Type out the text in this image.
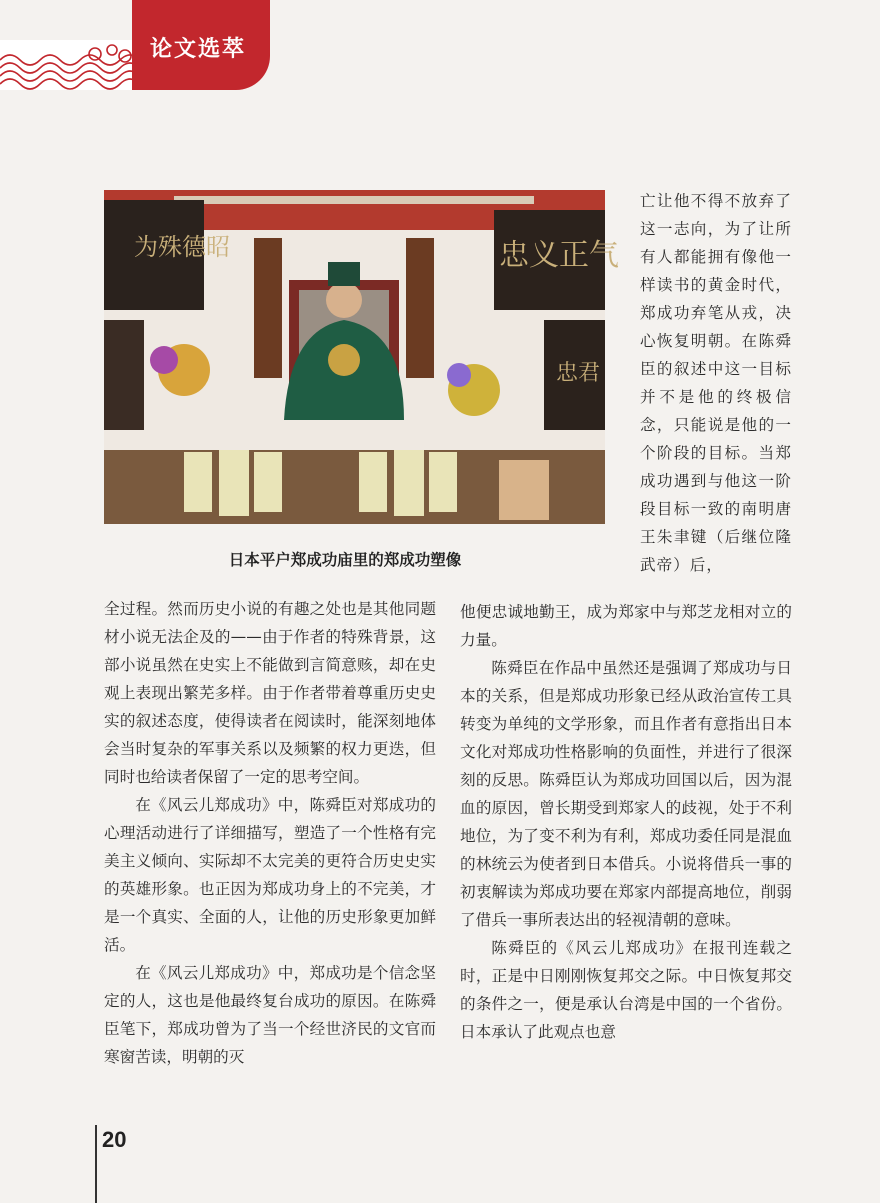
论文选萃
为殊德昭	忠义正气
忠君
日本平户郑成功庙里的郑成功塑像

亡让他不得不放弃了这一志向，为了让所有人都能拥有像他一样读书的黄金时代，郑成功弃笔从戎，决心恢复明朝。在陈舜臣的叙述中这一目标并不是他的终极信念，只能说是他的一个阶段的目标。当郑成功遇到与他这一阶段目标一致的南明唐王朱聿键（后继位隆武帝）后，

全过程。然而历史小说的有趣之处也是其他同题材小说无法企及的——由于作者的特殊背景，这部小说虽然在史实上不能做到言简意赅，却在史观上表现出繁芜多样。由于作者带着尊重历史史实的叙述态度，使得读者在阅读时，能深刻地体会当时复杂的军事关系以及频繁的权力更迭，但同时也给读者保留了一定的思考空间。

在《风云儿郑成功》中，陈舜臣对郑成功的心理活动进行了详细描写，塑造了一个性格有完美主义倾向、实际却不太完美的更符合历史史实的英雄形象。也正因为郑成功身上的不完美，才是一个真实、全面的人，让他的历史形象更加鲜活。

在《风云儿郑成功》中，郑成功是个信念坚定的人，这也是他最终复台成功的原因。在陈舜臣笔下，郑成功曾为了当一个经世济民的文官而寒窗苦读，明朝的灭

他便忠诚地勤王，成为郑家中与郑芝龙相对立的力量。

陈舜臣在作品中虽然还是强调了郑成功与日本的关系，但是郑成功形象已经从政治宣传工具转变为单纯的文学形象，而且作者有意指出日本文化对郑成功性格影响的负面性，并进行了很深刻的反思。陈舜臣认为郑成功回国以后，因为混血的原因，曾长期受到郑家人的歧视，处于不利地位，为了变不利为有利，郑成功委任同是混血的林统云为使者到日本借兵。小说将借兵一事的初衷解读为郑成功要在郑家内部提高地位，削弱了借兵一事所表达出的轻视清朝的意味。

陈舜臣的《风云儿郑成功》在报刊连载之时，正是中日刚刚恢复邦交之际。中日恢复邦交的条件之一，便是承认台湾是中国的一个省份。日本承认了此观点也意

20
